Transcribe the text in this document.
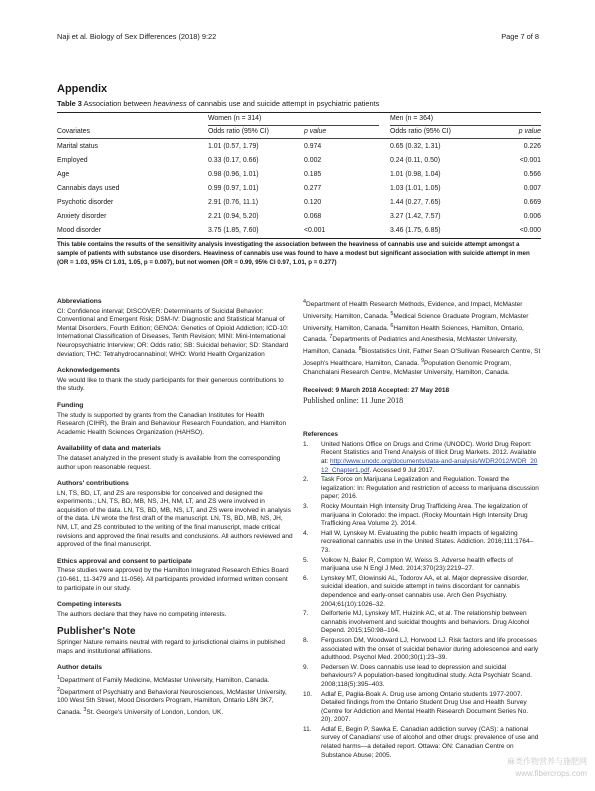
Naji et al. Biology of Sex Differences (2018) 9:22	Page 7 of 8
Appendix
Table 3 Association between heaviness of cannabis use and suicide attempt in psychiatric patients
Women (n = 314)	Men (n = 364)
Covariates	Odds ratio (95% CI)	p value	Odds ratio (95% CI)	p value
Marital status	1.01 (0.57, 1.79)	0.974	0.65 (0.32, 1.31)	0.226
Employed	0.33 (0.17, 0.66)	0.002	0.24 (0.11, 0.50)	<0.001
Age	0.98 (0.96, 1.01)	0.185	1.01 (0.98, 1.04)	0.566
Cannabis days used	0.99 (0.97, 1.01)	0.277	1.03 (1.01, 1.05)	0.007
Psychotic disorder	2.91 (0.76, 11.1)	0.120	1.44 (0.27, 7.65)	0.669
Anxiety disorder	2.21 (0.94, 5.20)	0.068	3.27 (1.42, 7.57)	0.006
Mood disorder	3.75 (1.85, 7.60)	<0.001	3.46 (1.75, 6.85)	<0.000
This table contains the results of the sensitivity analysis investigating the association between the heaviness of cannabis use and suicide attempt amongst a sample of patients with substance use disorders. Heaviness of cannabis use was found to have a modest but significant association with suicide attempt in men (OR = 1.03, 95% CI 1.01, 1.05, p = 0.007), but not women (OR = 0.99, 95% CI 0.97, 1.01, p = 0.277)
Abbreviations
CI: Confidence interval; DISCOVER: Determinants of Suicidal Behavior: Conventional and Emergent Risk; DSM-IV: Diagnostic and Statistical Manual of Mental Disorders, Fourth Edition; GENOA: Genetics of Opioid Addiction; ICD-10: International Classification of Diseases, Tenth Revision; MINI: Mini-International Neuropsychiatric Interview; OR: Odds ratio; SB: Suicidal behavior; SD: Standard deviation; THC: Tetrahydrocannabinol; WHO: World Health Organization
Acknowledgements
We would like to thank the study participants for their generous contributions to the study.
Funding
The study is supported by grants from the Canadian Institutes for Health Research (CIHR), the Brain and Behaviour Research Foundation, and Hamilton Academic Health Sciences Organization (HAHSO).
Availability of data and materials
The dataset analyzed in the present study is available from the corresponding author upon reasonable request.
Authors' contributions
LN, TS, BD, LT, and ZS are responsible for conceived and designed the experiments.; LN, TS, BD, MB, NS, JH, NM, LT, and ZS were involved in acquisition of the data. LN, TS, BD, MB, NS, LT, and ZS were involved in analysis of the data. LN wrote the first draft of the manuscript. LN, TS, BD, MB, NS, JH, NM, LT, and ZS contributed to the writing of the final manuscript, made critical revisions and approved the final results and conclusions. All authors reviewed and approved of the final manuscript.
Ethics approval and consent to participate
These studies were approved by the Hamilton Integrated Research Ethics Board (10-661, 11-3479 and 11-056). All participants provided informed written consent to participate in our study.
Competing interests
The authors declare that they have no competing interests.
Publisher's Note
Springer Nature remains neutral with regard to jurisdictional claims in published maps and institutional affiliations.
Author details
$^1$Department of Family Medicine, McMaster University, Hamilton, Canada. $^2$Department of Psychiatry and Behavioral Neurosciences, McMaster University, 100 West 5th Street, Mood Disorders Program, Hamilton, Ontario L8N 3K7, Canada. $^3$St. George's University of London, London, UK.
$^4$Department of Health Research Methods, Evidence, and Impact, McMaster University, Hamilton, Canada. $^5$Medical Science Graduate Program, McMaster University, Hamilton, Canada. $^6$Hamilton Health Sciences, Hamilton, Ontario, Canada. $^7$Departments of Pediatrics and Anesthesia, McMaster University, Hamilton, Canada. $^8$Biostatistics Unit, Father Sean O'Sullivan Research Centre, St Joseph's Healthcare, Hamilton, Canada. $^9$Population Genomic Program, Chanchalani Research Centre, McMaster University, Hamilton, Canada.
Received: 9 March 2018 Accepted: 27 May 2018
Published online: 11 June 2018
References
1. United Nations Office on Drugs and Crime (UNODC). World Drug Report: Recent Statistics and Trend Analysis of Illicit Drug Markets. 2012. Available at: http://www.unodc.org/documents/data-and-analysis/WDR2012/WDR_2012_Chapter1.pdf. Accessed 9 Jul 2017.
2. Task Force on Marijuana Legalization and Regulation. Toward the legalization: In: Regulation and restriction of access to marijuana discussion paper; 2016.
3. Rocky Mountain High Intensity Drug Trafficking Area. The legalization of marijuana in Colorado: the impact. (Rocky Mountain High Intensity Drug Trafficking Area Volume 2). 2014.
4. Hall W, Lynskey M. Evaluating the public health impacts of legalizing recreational cannabis use in the United States. Addiction. 2016;111:1764–73.
5. Volkow N, Baler R, Compton W, Weiss S. Adverse health effects of marijuana use N Engl J Med. 2014;370(23):2219–27.
6. Lynskey MT, Glowinski AL, Todorov AA, et al. Major depressive disorder, suicidal ideation, and suicide attempt in twins discordant for cannabis dependence and early-onset cannabis use. Arch Gen Psychiatry. 2004;61(10):1026–32.
7. Delforterie MJ, Lynskey MT, Huizink AC, et al. The relationship between cannabis involvement and suicidal thoughts and behaviors. Drug Alcohol Depend. 2015;150:98–104.
8. Fergusson DM, Woodward LJ, Horwood LJ. Risk factors and life processes associated with the onset of suicidal behavior during adolescence and early adulthood. Psychol Med. 2000;30(1):23–39.
9. Pedersen W. Does cannabis use lead to depression and suicidal behaviours? A population-based longitudinal study. Acta Psychiatr Scand. 2008;118(5):395–403.
10. Adlaf E, Paglia-Boak A. Drug use among Ontario students 1977-2007. Detailed findings from the Ontario Student Drug Use and Health Survey (Centre for Addiction and Mental Health Research Document Series No. 20). 2007.
11. Adlaf E, Begin P, Sawka E. Canadian addiction survey (CAS): a national survey of Canadians' use of alcohol and other drugs: prevalence of use and related harms—a detailed report. Ottawa: ON: Canadian Centre on Substance Abuse; 2005.
麻类作物营养与施肥网
www.fibercrops.com
